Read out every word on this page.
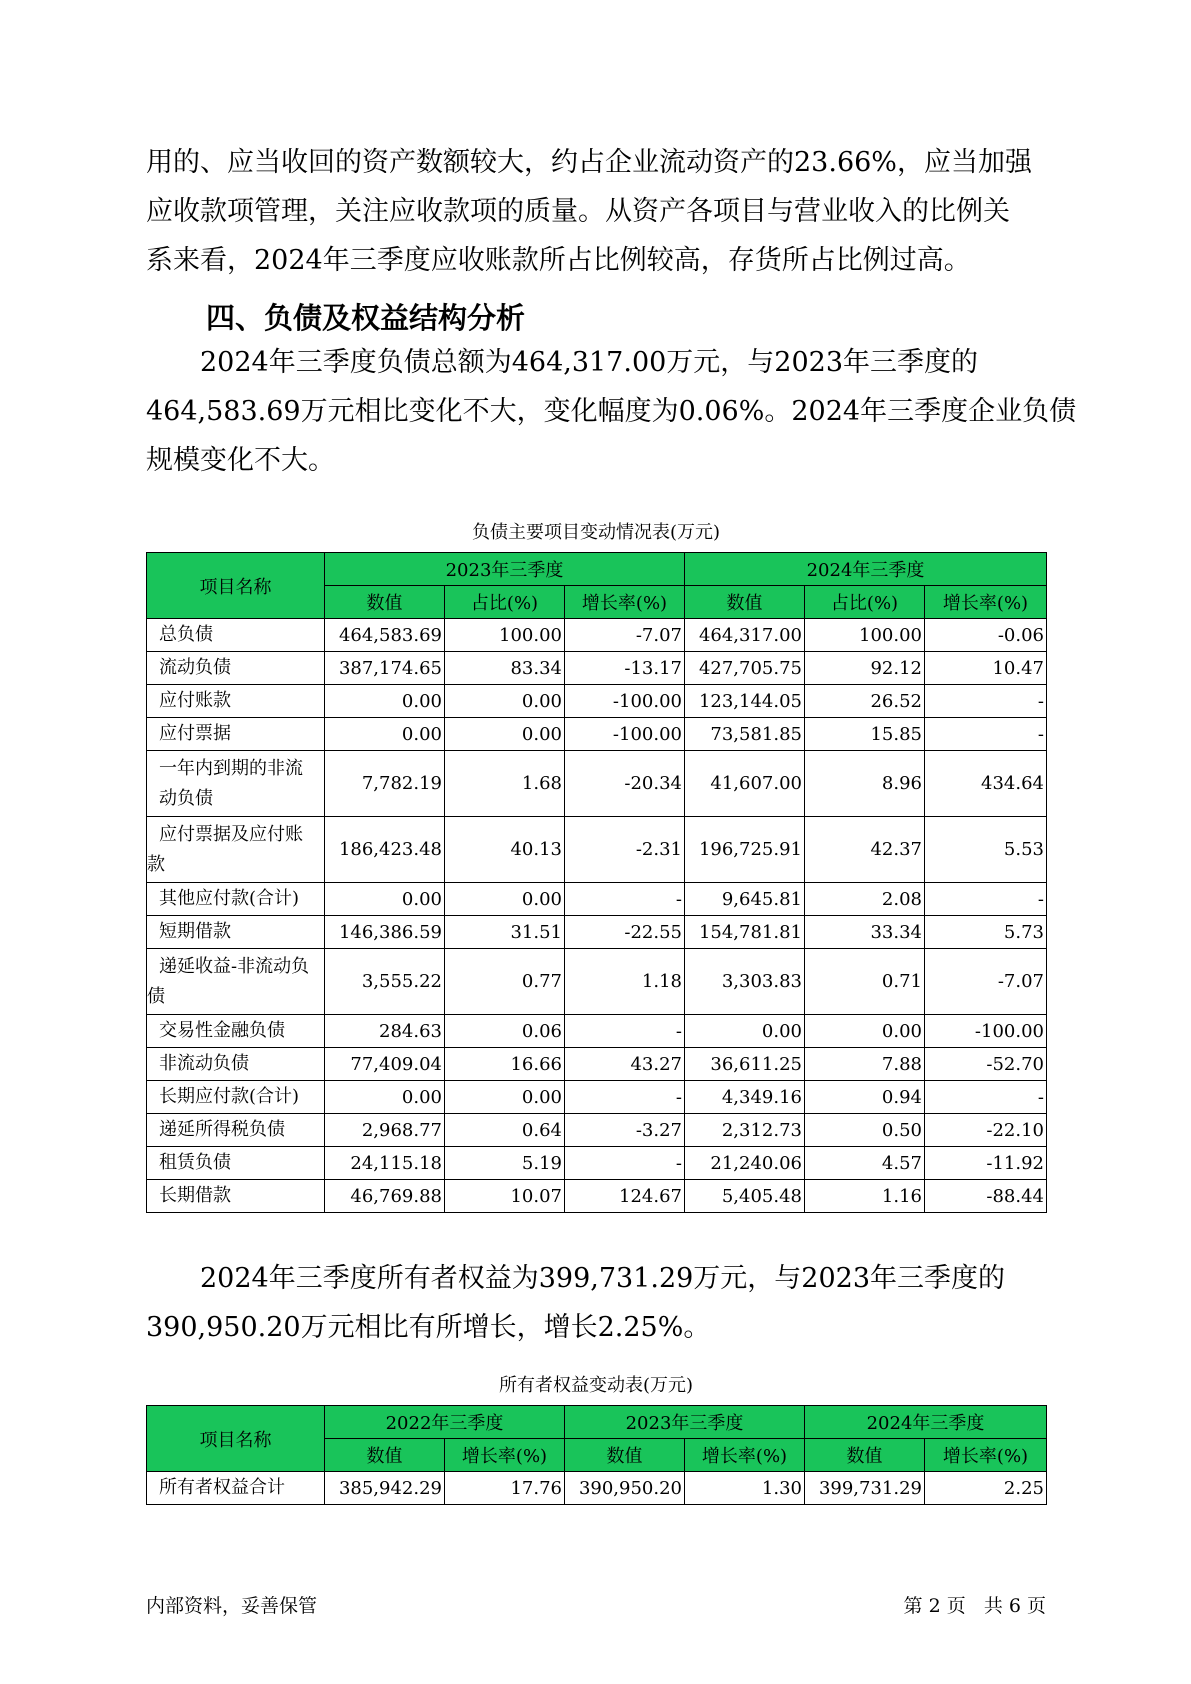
用的、应当收回的资产数额较大，约占企业流动资产的23.66%，应当加强
应收款项管理，关注应收款项的质量。从资产各项目与营业收入的比例关
系来看，2024年三季度应收账款所占比例较高，存货所占比例过高。
四、负债及权益结构分析
2024年三季度负债总额为464,317.00万元，与2023年三季度的
464,583.69万元相比变化不大，变化幅度为0.06%。2024年三季度企业负债
规模变化不大。

负债主要项目变动情况表(万元)

项目名称	2023年三季度			2024年三季度		
	数值	占比(%)	增长率(%)	数值	占比(%)	增长率(%)
总负债	464,583.69	100.00	-7.07	464,317.00	100.00	-0.06
流动负债	387,174.65	83.34	-13.17	427,705.75	92.12	10.47
应付账款	0.00	0.00	-100.00	123,144.05	26.52	-
应付票据	0.00	0.00	-100.00	73,581.85	15.85	-

一年内到期的非流
动负债	7,782.19	1.68	-20.34	41,607.00	8.96	434.64

应付票据及应付账
款	186,423.48	40.13	-2.31	196,725.91	42.37	5.53
其他应付款(合计)	0.00	0.00	-	9,645.81	2.08	-
短期借款	146,386.59	31.51	-22.55	154,781.81	33.34	5.73

递延收益-非流动负
债	3,555.22	0.77	1.18	3,303.83	0.71	-7.07
交易性金融负债	284.63	0.06	-	0.00	0.00	-100.00
非流动负债	77,409.04	16.66	43.27	36,611.25	7.88	-52.70
长期应付款(合计)	0.00	0.00	-	4,349.16	0.94	-
递延所得税负债	2,968.77	0.64	-3.27	2,312.73	0.50	-22.10
租赁负债	24,115.18	5.19	-	21,240.06	4.57	-11.92
长期借款	46,769.88	10.07	124.67	5,405.48	1.16	-88.44
2024年三季度所有者权益为399,731.29万元，与2023年三季度的
390,950.20万元相比有所增长，增长2.25%。

所有者权益变动表(万元)

项目名称	2022年三季度		2023年三季度		2024年三季度	
	数值	增长率(%)	数值	增长率(%)	数值	增长率(%)
所有者权益合计	385,942.29	17.76	390,950.20	1.30	399,731.29	2.25

内部资料，妥善保管	第 2 页   共 6 页
